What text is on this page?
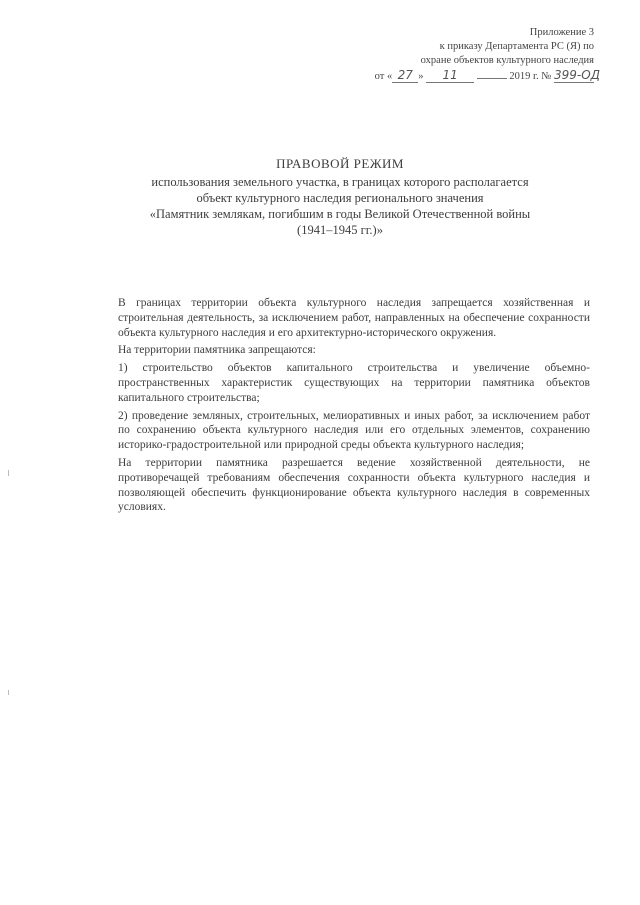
Приложение 3
к приказу Департамента РС (Я) по
охране объектов культурного наследия
от « 27 » 11	2019 г. № 399-ОД
ПРАВОВОЙ РЕЖИМ
использования земельного участка, в границах которого располагается
объект культурного наследия регионального значения
«Памятник землякам, погибшим в годы Великой Отечественной войны
(1941–1945 гг.)»

В границах территории объекта культурного наследия запрещается хозяйственная и строительная деятельность, за исключением работ, направленных на обеспечение сохранности объекта культурного наследия и его архитектурно-исторического окружения.

На территории памятника запрещаются:

1) строительство объектов капитального строительства и увеличение объемно-пространственных характеристик существующих на территории памятника объектов капитального строительства;

2) проведение земляных, строительных, мелиоративных и иных работ, за исключением работ по сохранению объекта культурного наследия или его отдельных элементов, сохранению историко-градостроительной или природной среды объекта культурного наследия;

На территории памятника разрешается ведение хозяйственной деятельности, не противоречащей требованиям обеспечения сохранности объекта культурного наследия и позволяющей обеспечить функционирование объекта культурного наследия в современных условиях.
